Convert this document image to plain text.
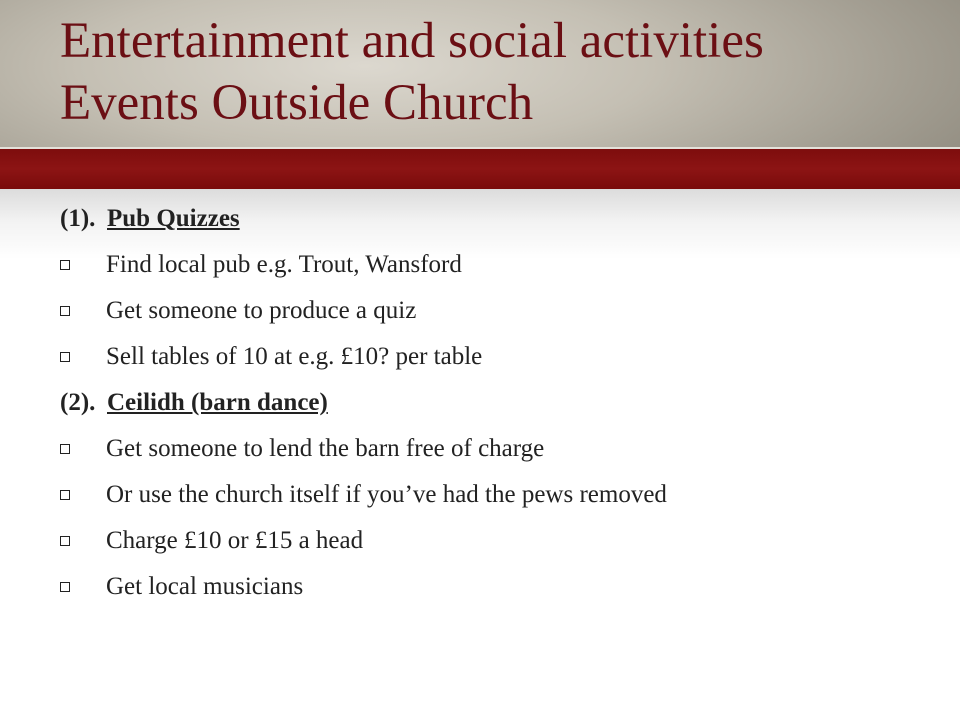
Entertainment and social activities
Events Outside Church
(1). Pub Quizzes
Find local pub e.g. Trout, Wansford
Get someone to produce a quiz
Sell tables of 10 at e.g. £10? per table
(2). Ceilidh (barn dance)
Get someone to lend the barn free of charge
Or use the church itself if you’ve had the pews removed
Charge £10 or £15 a head
Get local musicians
